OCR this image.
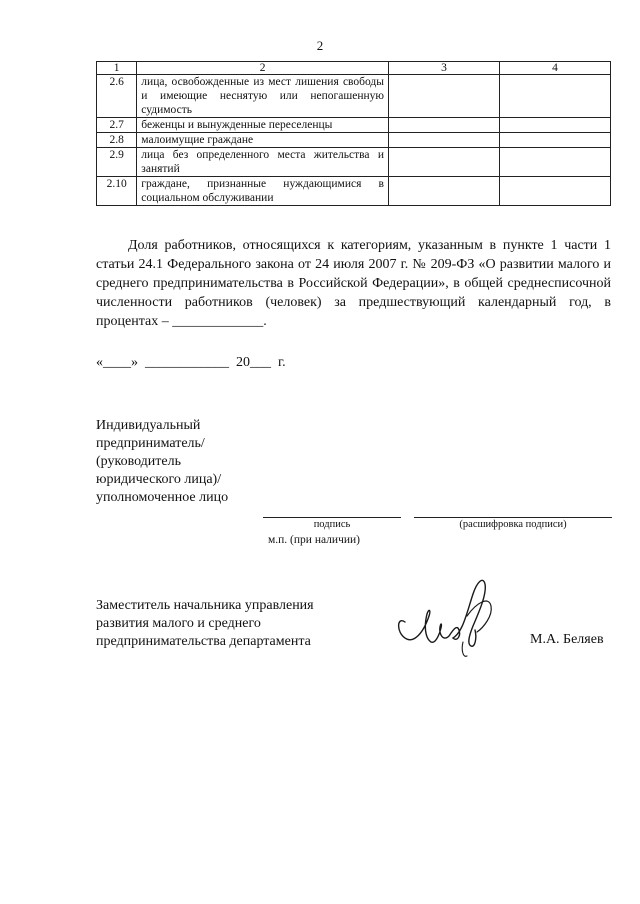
2
1	2	3	4
2.6	лица, освобожденные из мест лишения свободы и имеющие неснятую или непогашенную судимость		
2.7	беженцы и вынужденные переселенцы		
2.8	малоимущие граждане		
2.9	лица без определенного места жительства и занятий		
2.10	граждане, признанные нуждающимися в социальном обслуживании		
Доля работников, относящихся к категориям, указанным в пункте 1 части 1 статьи 24.1 Федерального закона от 24 июля 2007 г. № 209-ФЗ «О развитии малого и среднего предпринимательства в Российской Федерации», в общей среднесписочной численности работников (человек) за предшествующий календарный год, в процентах – _____________.
«____»  ____________  20___  г.
Индивидуальный предприниматель/ (руководитель юридического лица)/уполномоченное лицо
подпись	(расшифровка подписи)
м.п. (при наличии)
Заместитель начальника управления развития малого и среднего предпринимательства департамента	М.А. Беляев
